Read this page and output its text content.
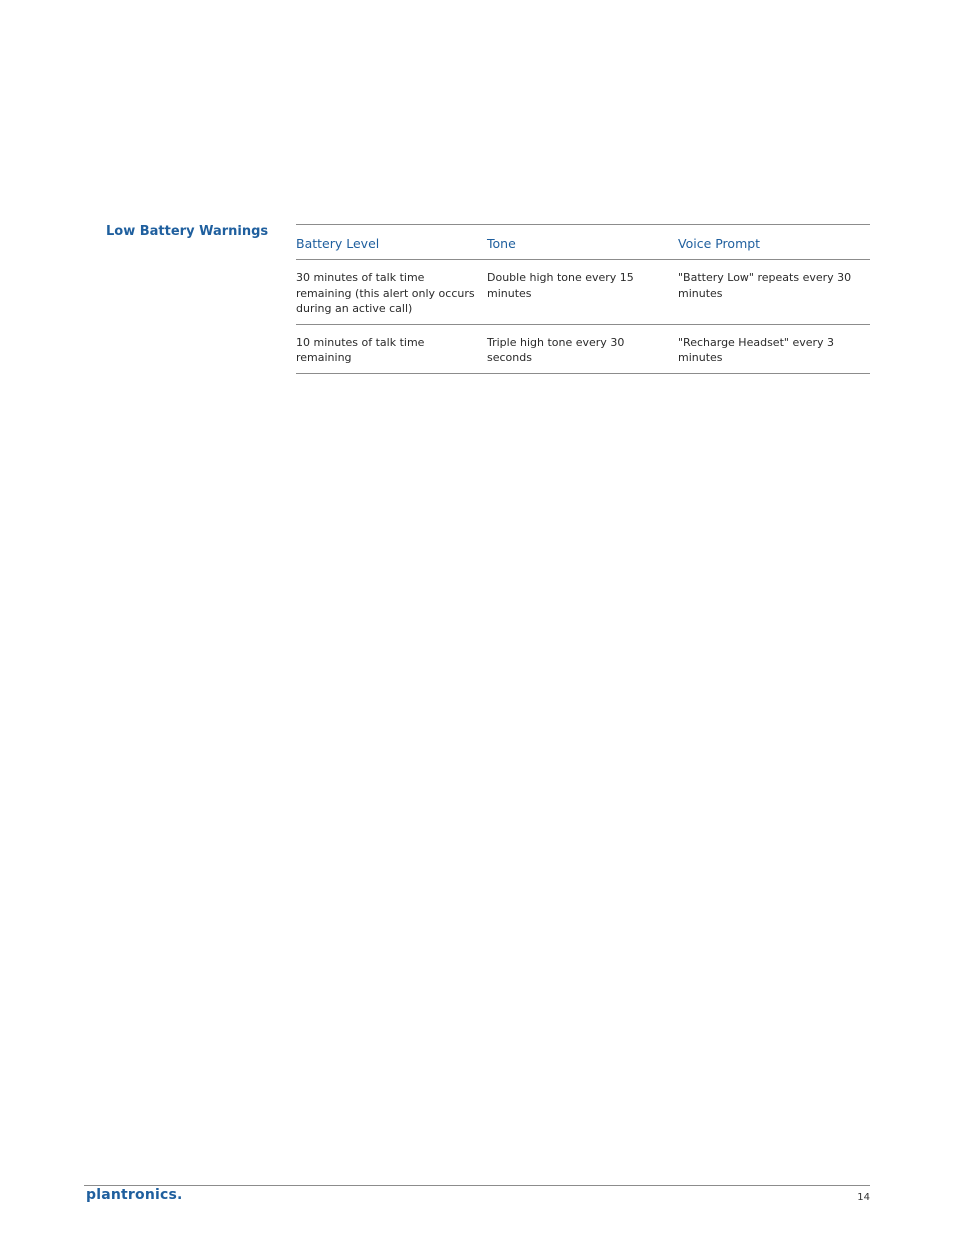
Low Battery Warnings
Battery Level	Tone	Voice Prompt
30 minutes of talk time remaining (this alert only occurs during an active call)	Double high tone every 15 minutes	"Battery Low" repeats every 30 minutes
10 minutes of talk time remaining	Triple high tone every 30 seconds	"Recharge Headset" every 3 minutes
plantronics.	14
